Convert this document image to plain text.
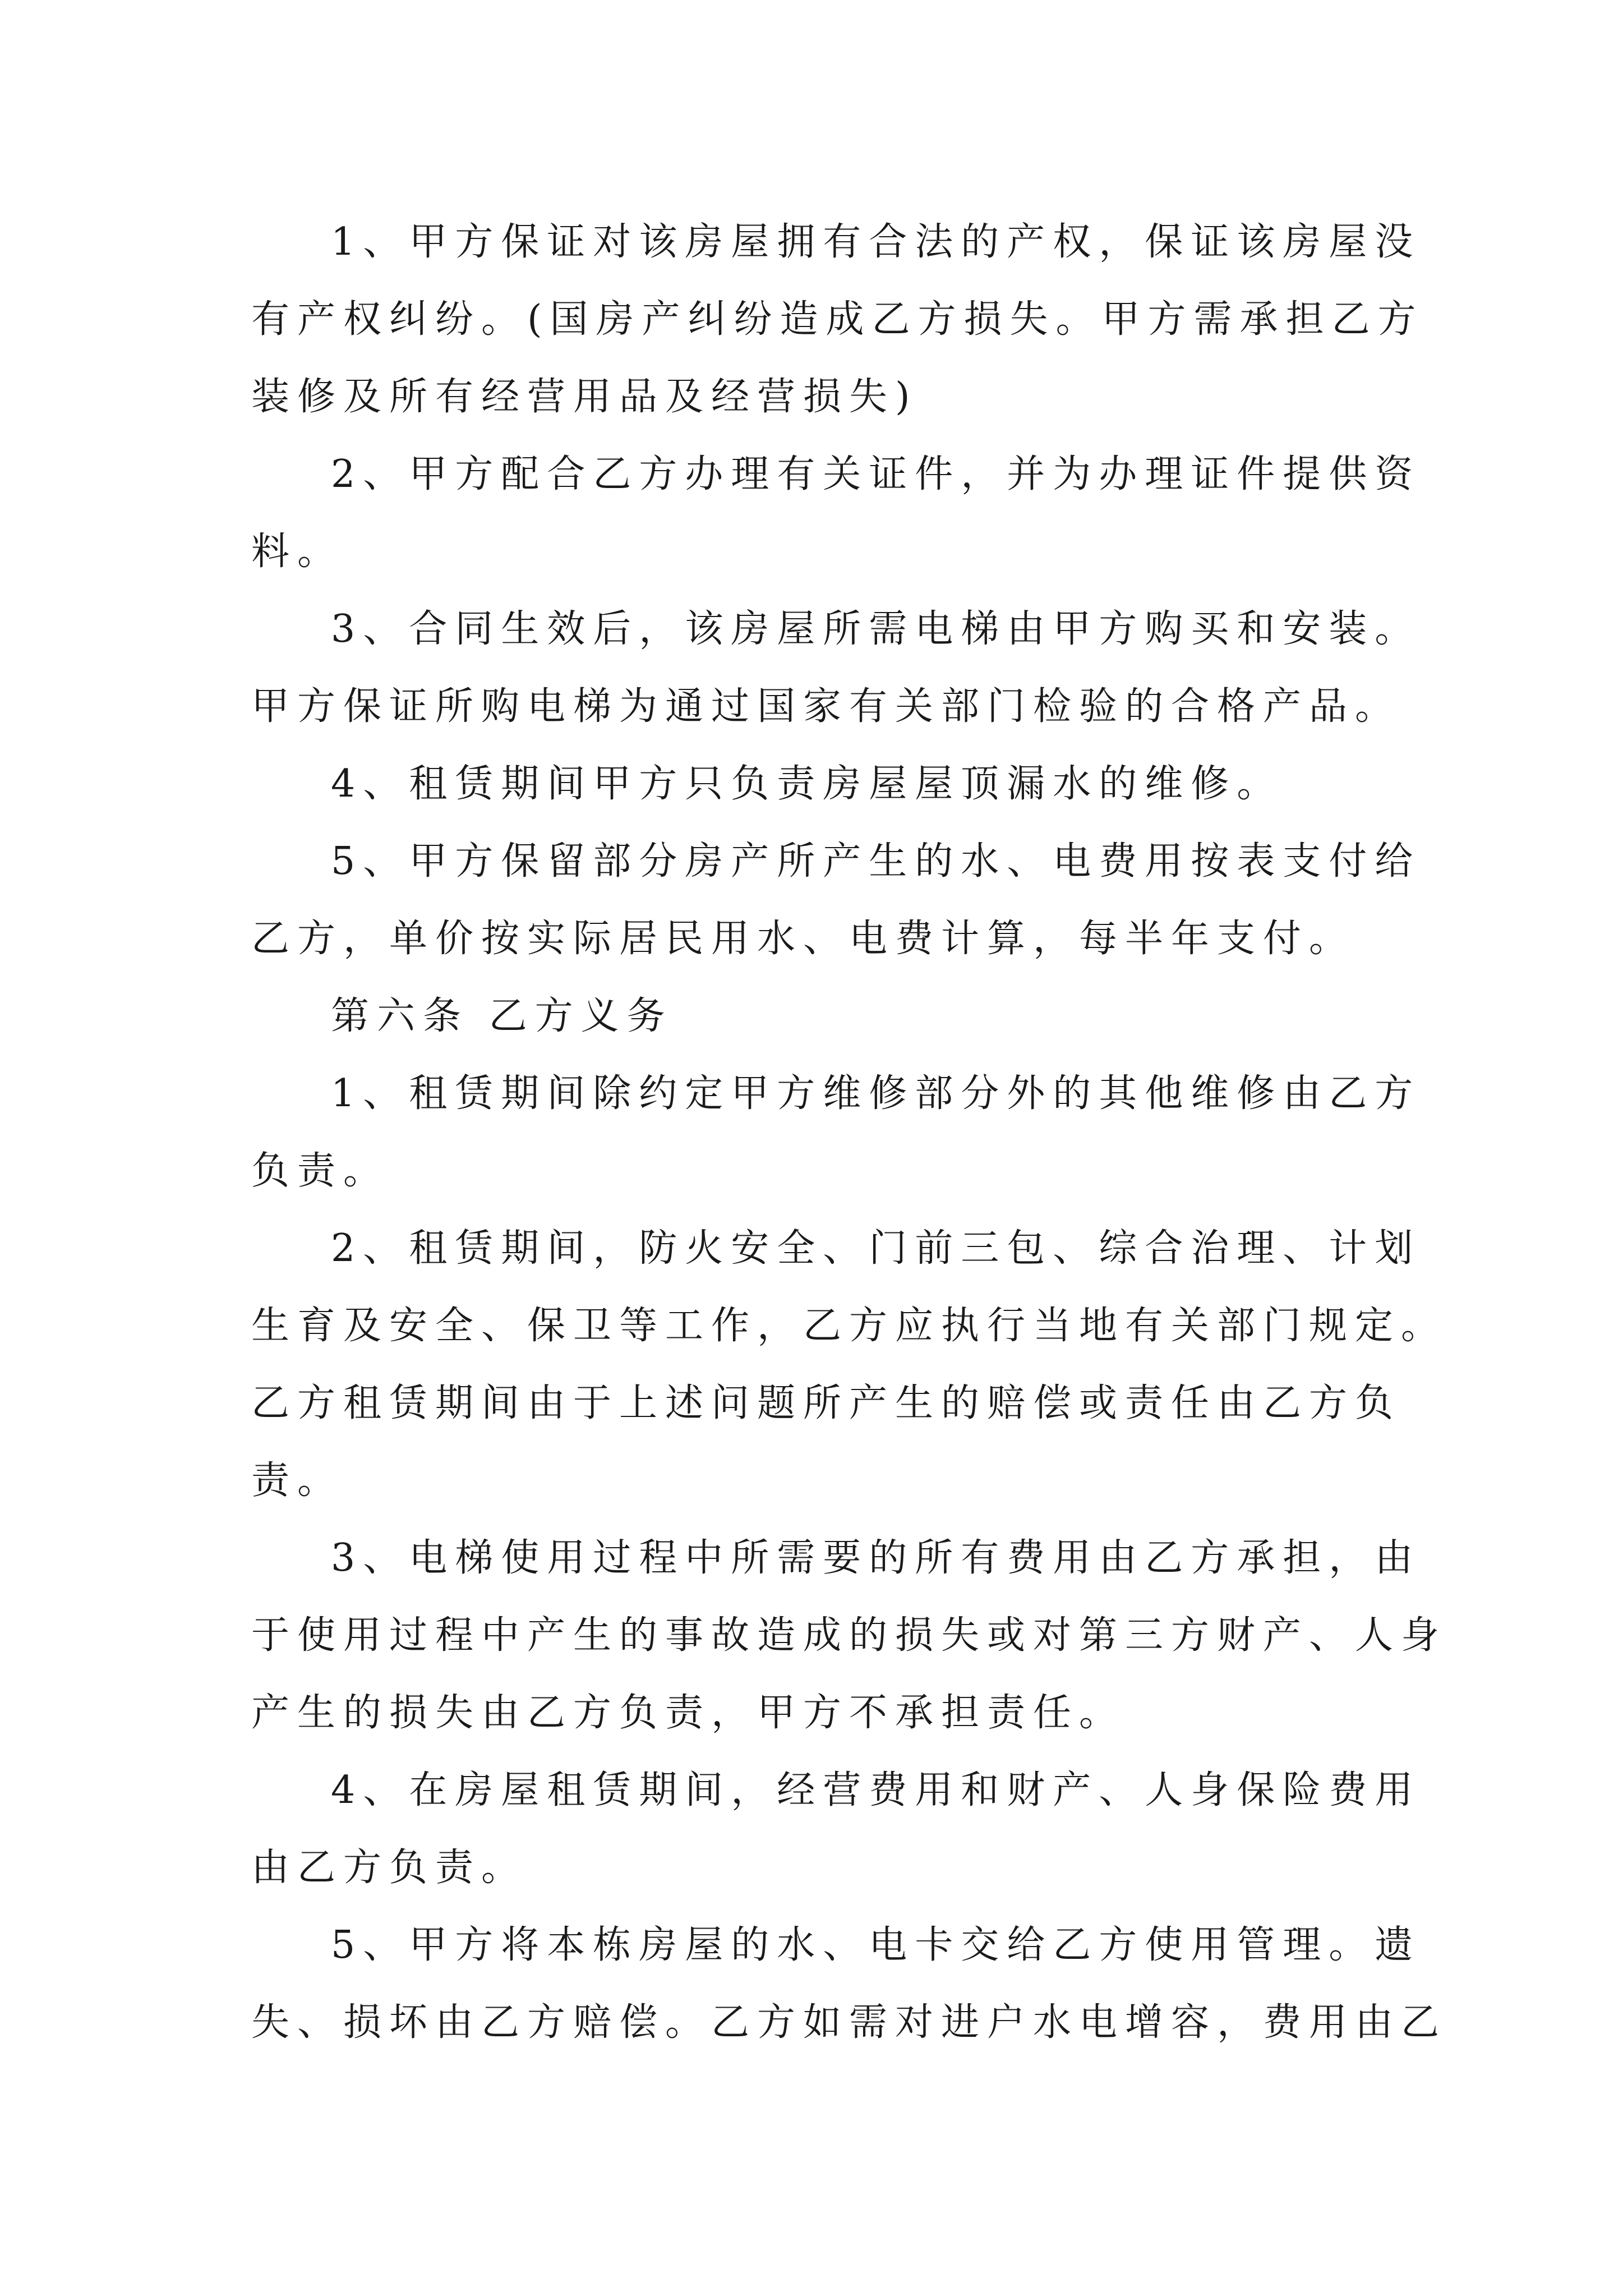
1、甲方保证对该房屋拥有合法的产权，保证该房屋没

有产权纠纷。(国房产纠纷造成乙方损失。甲方需承担乙方

装修及所有经营用品及经营损失)

2、甲方配合乙方办理有关证件，并为办理证件提供资

料。

3、合同生效后，该房屋所需电梯由甲方购买和安装。

甲方保证所购电梯为通过国家有关部门检验的合格产品。

4、租赁期间甲方只负责房屋屋顶漏水的维修。

5、甲方保留部分房产所产生的水、电费用按表支付给

乙方，单价按实际居民用水、电费计算，每半年支付。

第六条 乙方义务

1、租赁期间除约定甲方维修部分外的其他维修由乙方

负责。

2、租赁期间，防火安全、门前三包、综合治理、计划

生育及安全、保卫等工作，乙方应执行当地有关部门规定。

乙方租赁期间由于上述问题所产生的赔偿或责任由乙方负

责。

3、电梯使用过程中所需要的所有费用由乙方承担，由

于使用过程中产生的事故造成的损失或对第三方财产、人身

产生的损失由乙方负责，甲方不承担责任。

4、在房屋租赁期间，经营费用和财产、人身保险费用

由乙方负责。

5、甲方将本栋房屋的水、电卡交给乙方使用管理。遗

失、损坏由乙方赔偿。乙方如需对进户水电增容，费用由乙
